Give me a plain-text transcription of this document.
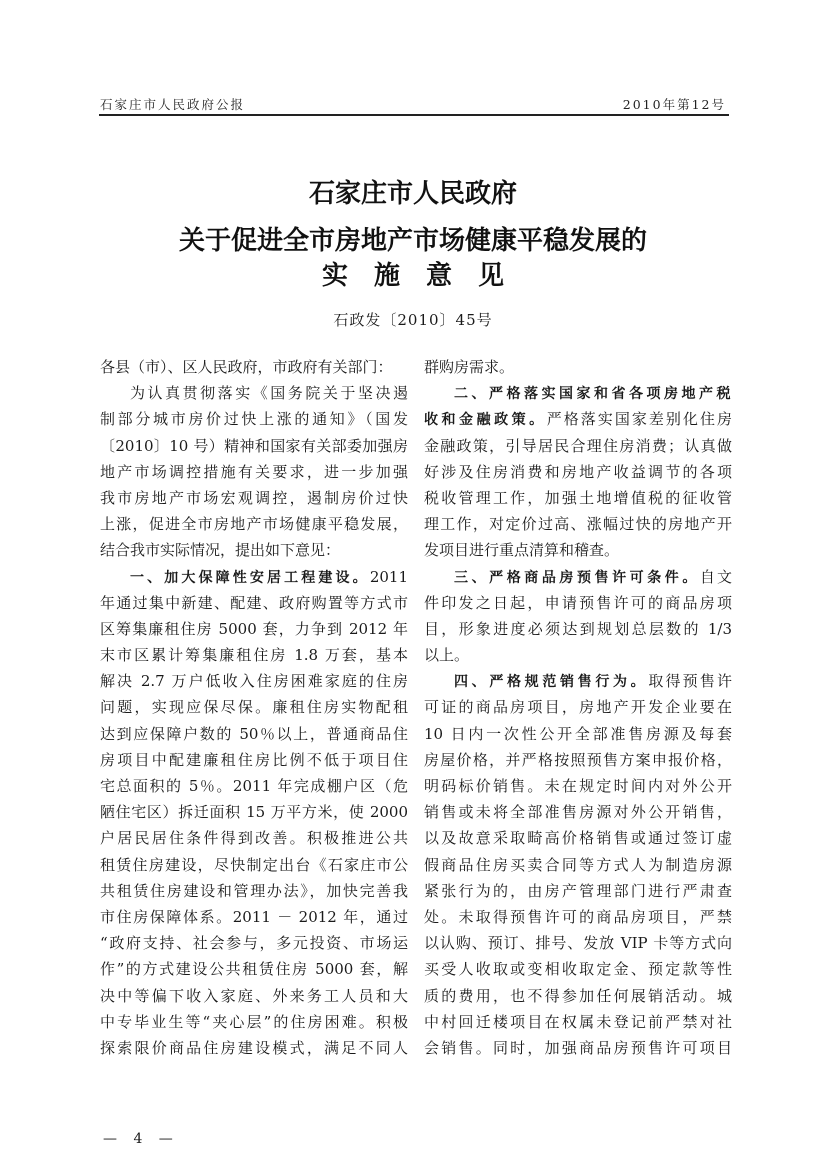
石家庄市人民政府公报	2010年第12号
石家庄市人民政府
关于促进全市房地产市场健康平稳发展的
实　施　意　见
石政发〔2010〕45号
各县（市）、区人民政府，市政府有关部门：
为认真贯彻落实《国务院关于坚决遏
制部分城市房价过快上涨的通知》（国发
〔2010〕10 号）精神和国家有关部委加强房
地产市场调控措施有关要求，进一步加强
我市房地产市场宏观调控，遏制房价过快
上涨，促进全市房地产市场健康平稳发展，
结合我市实际情况，提出如下意见：
一、加大保障性安居工程建设。2011
年通过集中新建、配建、政府购置等方式市
区筹集廉租住房 5000 套，力争到 2012 年
末市区累计筹集廉租住房 1.8 万套，基本
解决 2.7 万户低收入住房困难家庭的住房
问题，实现应保尽保。廉租住房实物配租
达到应保障户数的 50％以上，普通商品住
房项目中配建廉租住房比例不低于项目住
宅总面积的 5％。2011 年完成棚户区（危
陋住宅区）拆迁面积 15 万平方米，使 2000
户居民居住条件得到改善。积极推进公共
租赁住房建设，尽快制定出台《石家庄市公
共租赁住房建设和管理办法》，加快完善我
市住房保障体系。2011 － 2012 年，通过
“政府支持、社会参与，多元投资、市场运
作”的方式建设公共租赁住房 5000 套，解
决中等偏下收入家庭、外来务工人员和大
中专毕业生等“夹心层”的住房困难。积极
探索限价商品住房建设模式，满足不同人
群购房需求。
二、严格落实国家和省各项房地产税
收和金融政策。严格落实国家差别化住房
金融政策，引导居民合理住房消费；认真做
好涉及住房消费和房地产收益调节的各项
税收管理工作，加强土地增值税的征收管
理工作，对定价过高、涨幅过快的房地产开
发项目进行重点清算和稽查。
三、严格商品房预售许可条件。自文
件印发之日起，申请预售许可的商品房项
目，形象进度必须达到规划总层数的 1/3
以上。
四、严格规范销售行为。取得预售许
可证的商品房项目，房地产开发企业要在
10 日内一次性公开全部准售房源及每套
房屋价格，并严格按照预售方案申报价格，
明码标价销售。未在规定时间内对外公开
销售或未将全部准售房源对外公开销售，
以及故意采取畸高价格销售或通过签订虚
假商品住房买卖合同等方式人为制造房源
紧张行为的，由房产管理部门进行严肃查
处。未取得预售许可的商品房项目，严禁
以认购、预订、排号、发放 VIP 卡等方式向
买受人收取或变相收取定金、预定款等性
质的费用，也不得参加任何展销活动。城
中村回迁楼项目在权属未登记前严禁对社
会销售。同时，加强商品房预售许可项目
— 4 —
